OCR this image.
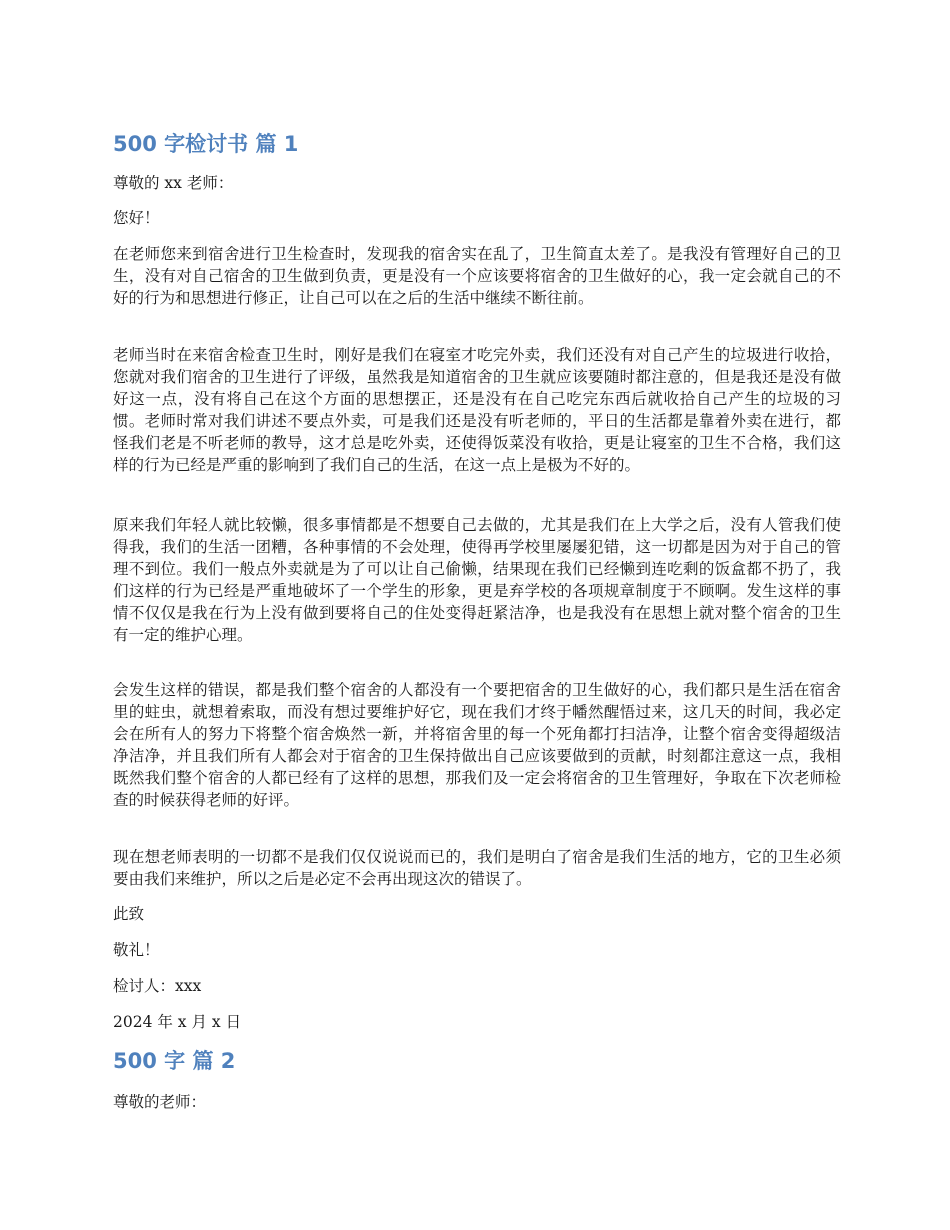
500 字检讨书 篇 1

尊敬的 xx 老师：

您好！

在老师您来到宿舍进行卫生检查时，发现我的宿舍实在乱了，卫生简直太差了。是我没有管理好自己的卫生，没有对自己宿舍的卫生做到负责，更是没有一个应该要将宿舍的卫生做好的心，我一定会就自己的不好的行为和思想进行修正，让自己可以在之后的生活中继续不断往前。

老师当时在来宿舍检查卫生时，刚好是我们在寝室才吃完外卖，我们还没有对自己产生的垃圾进行收拾，您就对我们宿舍的卫生进行了评级，虽然我是知道宿舍的卫生就应该要随时都注意的，但是我还是没有做好这一点，没有将自己在这个方面的思想摆正，还是没有在自己吃完东西后就收拾自己产生的垃圾的习惯。老师时常对我们讲述不要点外卖，可是我们还是没有听老师的，平日的生活都是靠着外卖在进行，都怪我们老是不听老师的教导，这才总是吃外卖，还使得饭菜没有收拾，更是让寝室的卫生不合格，我们这样的行为已经是严重的影响到了我们自己的生活，在这一点上是极为不好的。

原来我们年轻人就比较懒，很多事情都是不想要自己去做的，尤其是我们在上大学之后，没有人管我们使得我，我们的生活一团糟，各种事情的不会处理，使得再学校里屡屡犯错，这一切都是因为对于自己的管理不到位。我们一般点外卖就是为了可以让自己偷懒，结果现在我们已经懒到连吃剩的饭盒都不扔了，我们这样的行为已经是严重地破坏了一个学生的形象，更是弃学校的各项规章制度于不顾啊。发生这样的事情不仅仅是我在行为上没有做到要将自己的住处变得赶紧洁净，也是我没有在思想上就对整个宿舍的卫生有一定的维护心理。

会发生这样的错误，都是我们整个宿舍的人都没有一个要把宿舍的卫生做好的心，我们都只是生活在宿舍里的蛀虫，就想着索取，而没有想过要维护好它，现在我们才终于幡然醒悟过来，这几天的时间，我必定会在所有人的努力下将整个宿舍焕然一新，并将宿舍里的每一个死角都打扫洁净，让整个宿舍变得超级洁净洁净，并且我们所有人都会对于宿舍的卫生保持做出自己应该要做到的贡献，时刻都注意这一点，我相既然我们整个宿舍的人都已经有了这样的思想，那我们及一定会将宿舍的卫生管理好，争取在下次老师检查的时候获得老师的好评。

现在想老师表明的一切都不是我们仅仅说说而已的，我们是明白了宿舍是我们生活的地方，它的卫生必须要由我们来维护，所以之后是必定不会再出现这次的错误了。

此致

敬礼！

检讨人：xxx

2024 年 x 月 x 日

500 字 篇 2

尊敬的老师：
